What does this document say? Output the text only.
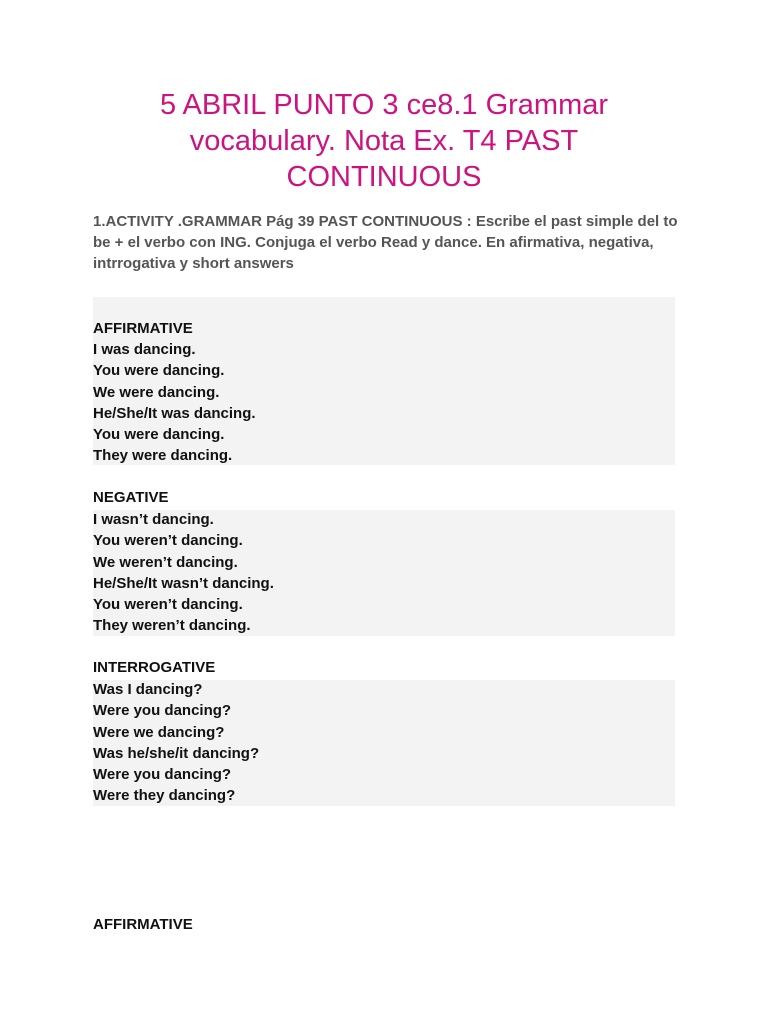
5 ABRIL PUNTO 3 ce8.1 Grammar
vocabulary. Nota Ex. T4 PAST
CONTINUOUS

1.ACTIVITY .GRAMMAR Pág 39 PAST CONTINUOUS : Escribe el past simple del to be + el verbo con ING. Conjuga el verbo Read y dance. En afirmativa, negativa, intrrogativa y short answers

AFFIRMATIVE
I was dancing.
You were dancing.
We were dancing.
He/She/It was dancing.
You were dancing.
They were dancing.
NEGATIVE
I wasn’t dancing.
You weren’t dancing.
We weren’t dancing.
He/She/It wasn’t dancing.
You weren’t dancing.
They weren’t dancing.
INTERROGATIVE
Was I dancing?
Were you dancing?
Were we dancing?
Was he/she/it dancing?
Were you dancing?
Were they dancing?
AFFIRMATIVE
